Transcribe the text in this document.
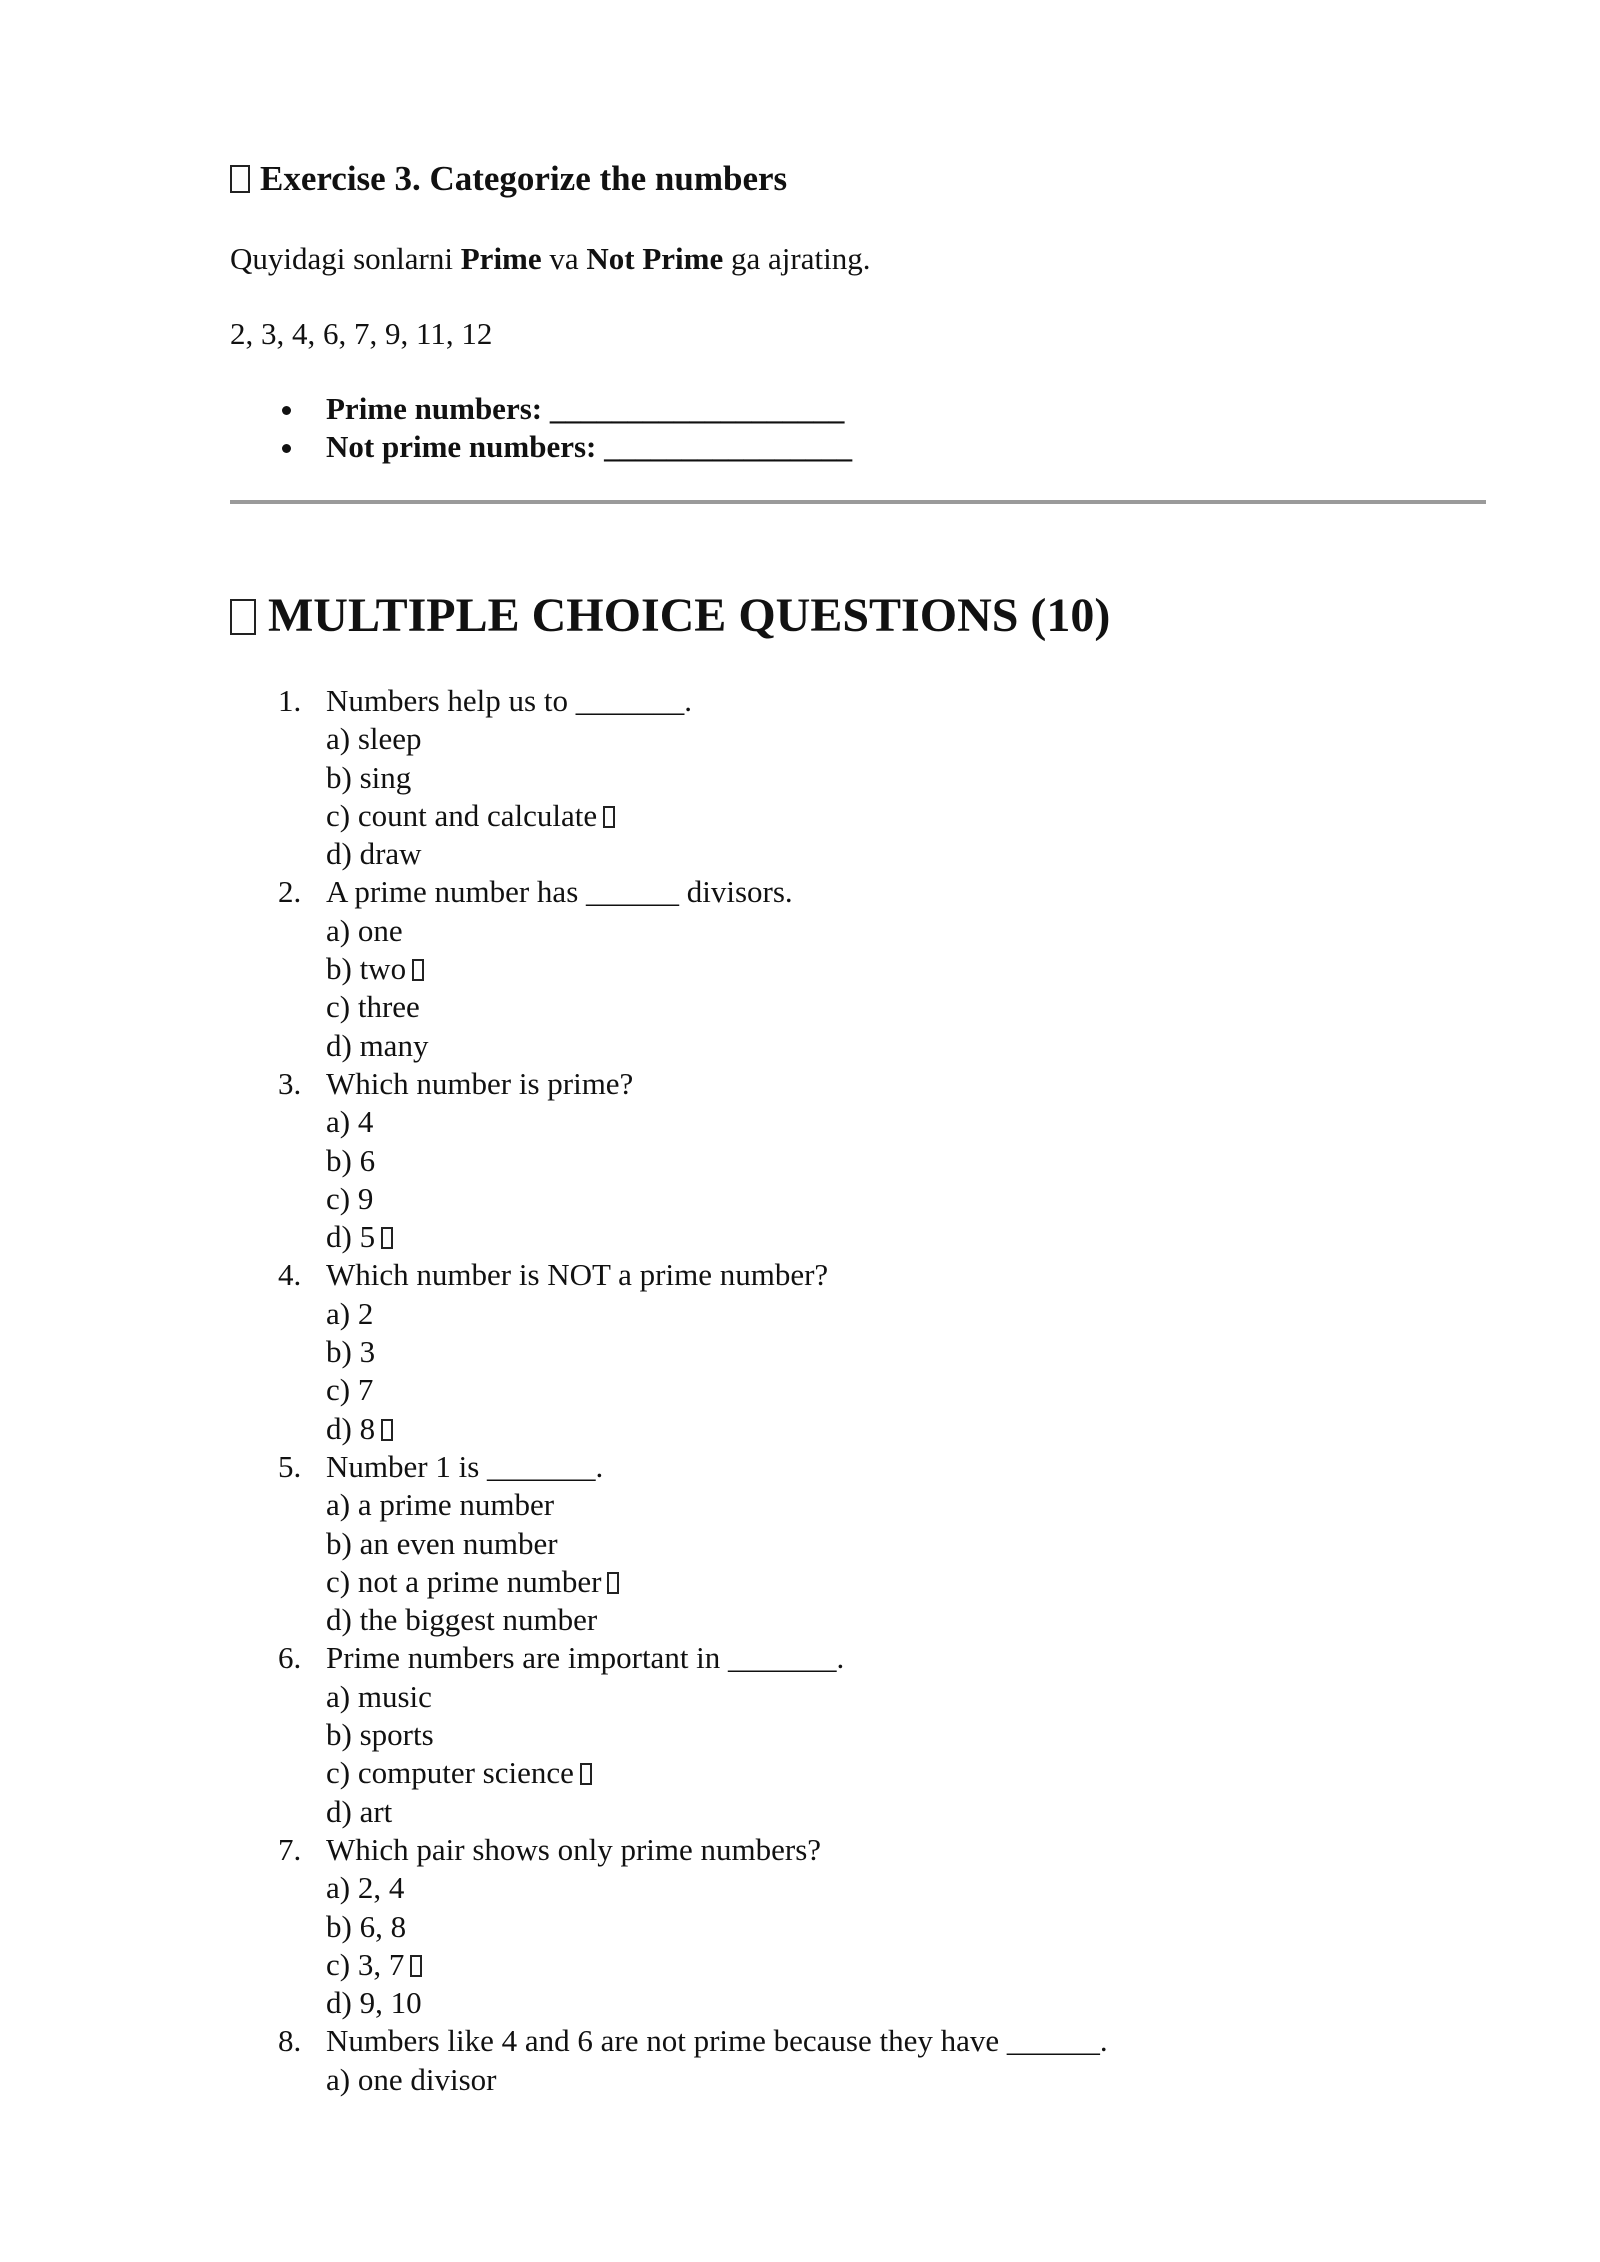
Exercise 3. Categorize the numbers
Quyidagi sonlarni Prime va Not Prime ga ajrating.
2, 3, 4, 6, 7, 9, 11, 12
Prime numbers: ___________________
Not prime numbers: ________________
MULTIPLE CHOICE QUESTIONS (10)
1. Numbers help us to _______.
a) sleep
b) sing
c) count and calculate
d) draw
2. A prime number has ______ divisors.
a) one
b) two
c) three
d) many
3. Which number is prime?
a) 4
b) 6
c) 9
d) 5
4. Which number is NOT a prime number?
a) 2
b) 3
c) 7
d) 8
5. Number 1 is _______.
a) a prime number
b) an even number
c) not a prime number
d) the biggest number
6. Prime numbers are important in _______.
a) music
b) sports
c) computer science
d) art
7. Which pair shows only prime numbers?
a) 2, 4
b) 6, 8
c) 3, 7
d) 9, 10
8. Numbers like 4 and 6 are not prime because they have ______.
a) one divisor
